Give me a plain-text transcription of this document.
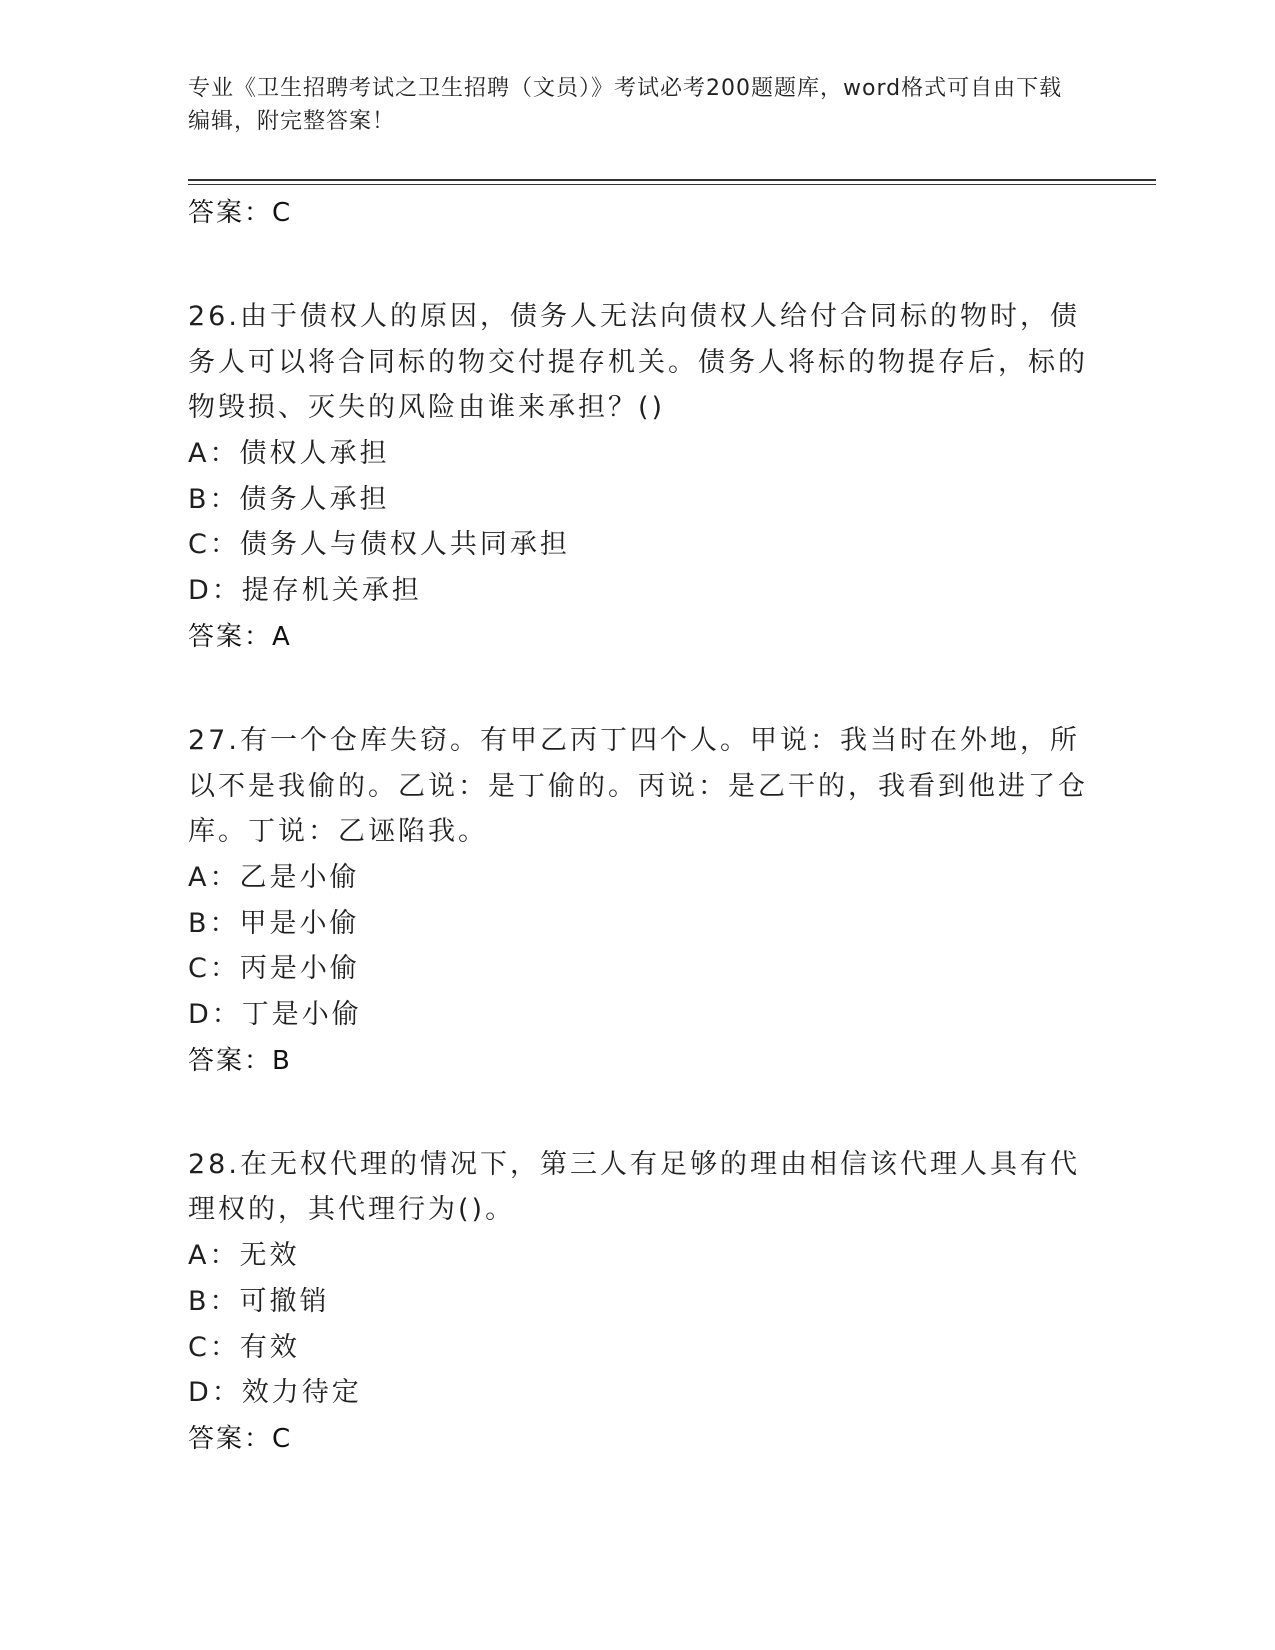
专业《卫生招聘考试之卫生招聘（文员）》考试必考200题题库，word格式可自由下载编辑，附完整答案！
答案：C
26.由于债权人的原因，债务人无法向债权人给付合同标的物时，债务人可以将合同标的物交付提存机关。债务人将标的物提存后，标的物毁损、灭失的风险由谁来承担？()
A：债权人承担
B：债务人承担
C：债务人与债权人共同承担
D：提存机关承担
答案：A
27.有一个仓库失窃。有甲乙丙丁四个人。甲说：我当时在外地，所以不是我偷的。乙说：是丁偷的。丙说：是乙干的，我看到他进了仓库。丁说：乙诬陷我。
A：乙是小偷
B：甲是小偷
C：丙是小偷
D：丁是小偷
答案：B
28.在无权代理的情况下，第三人有足够的理由相信该代理人具有代理权的，其代理行为()。
A：无效
B：可撤销
C：有效
D：效力待定
答案：C
